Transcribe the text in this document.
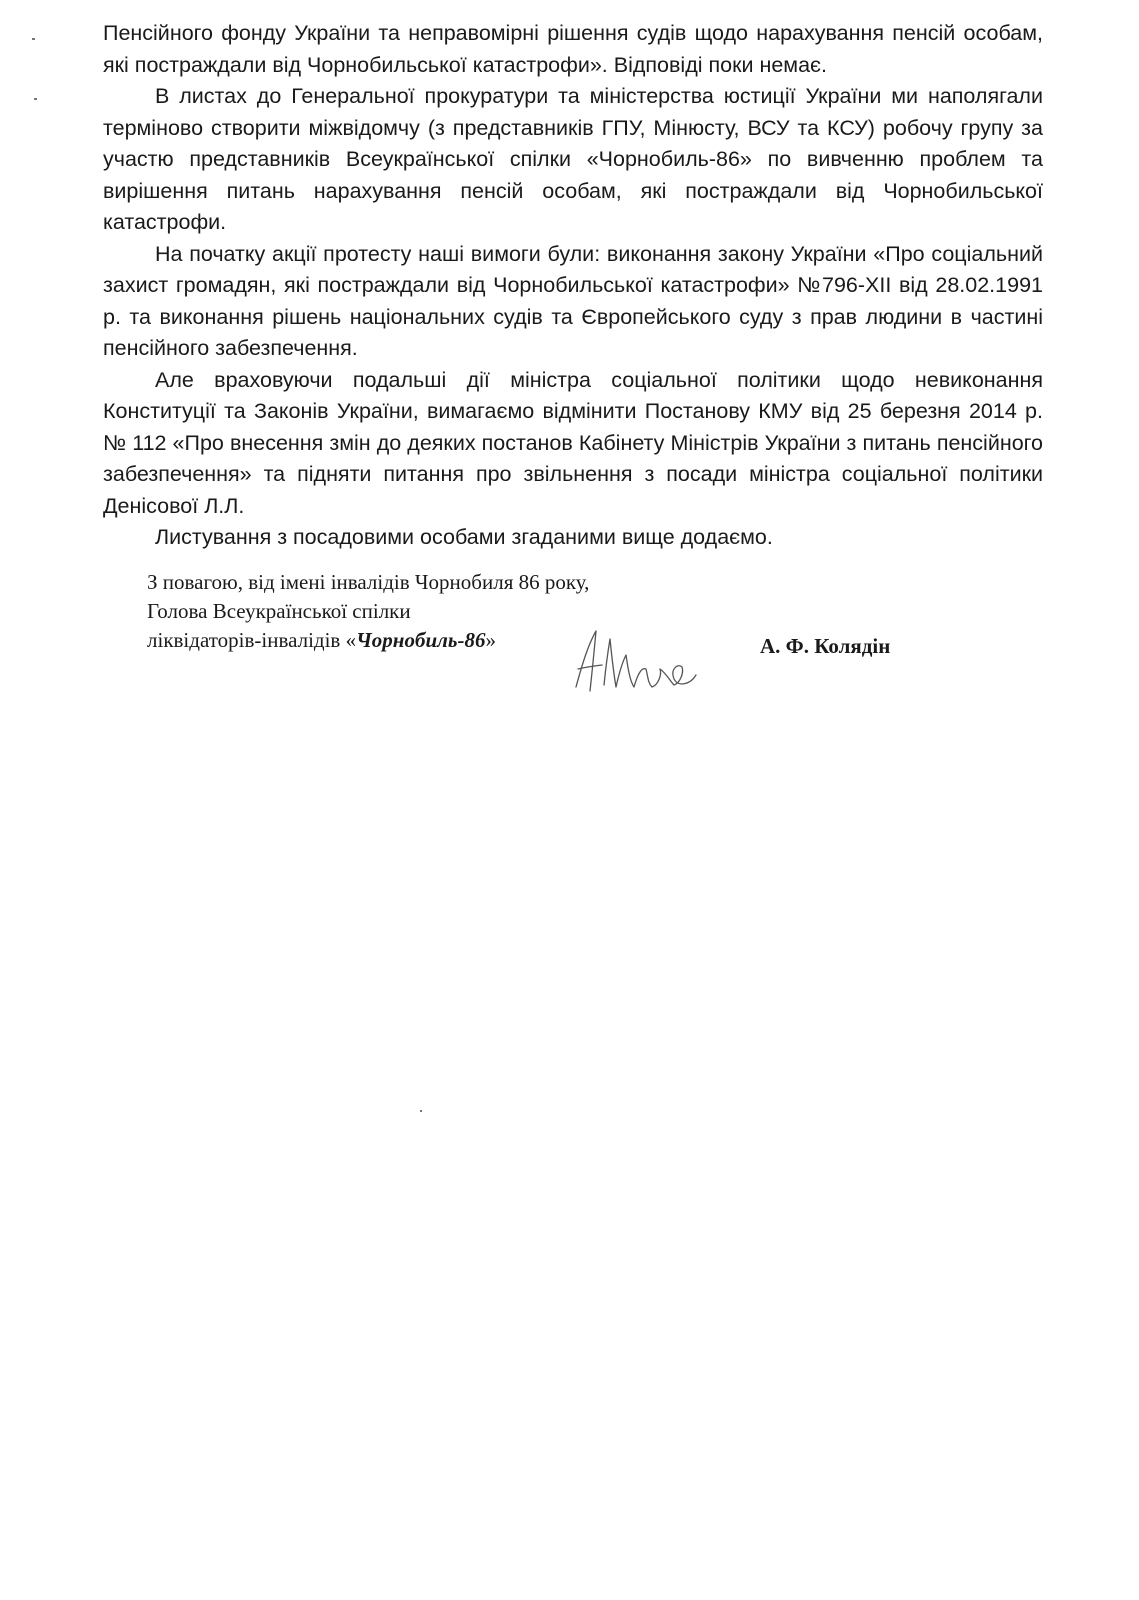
Пенсійного фонду України та неправомірні рішення судів щодо нарахування пенсій особам, які постраждали від Чорнобильської катастрофи». Відповіді поки немає.

В листах до Генеральної прокуратури та міністерства юстиції України ми наполягали терміново створити міжвідомчу (з представників ГПУ, Мінюсту, ВСУ та КСУ) робочу групу за участю представників Всеукраїнської спілки «Чорнобиль-86» по вивченню проблем та вирішення питань нарахування пенсій особам, які постраждали від Чорнобильської катастрофи.

На початку акції протесту наші вимоги були: виконання закону України «Про соціальний захист громадян, які постраждали від Чорнобильської катастрофи» №796-XII від 28.02.1991 р. та виконання рішень національних судів та Європейського суду з прав людини в частині пенсійного забезпечення.

Але враховуючи подальші дії міністра соціальної політики щодо невиконання Конституції та Законів України, вимагаємо відмінити Постанову КМУ від 25 березня 2014 р. № 112 «Про внесення змін до деяких постанов Кабінету Міністрів України з питань пенсійного забезпечення» та підняти питання про звільнення з посади міністра соціальної політики Денісової Л.Л.

Листування з посадовими особами згаданими вище додаємо.

З повагою, від імені інвалідів Чорнобиля 86 року,
Голова Всеукраїнської спілки
ліквідаторів-інвалідів «Чорнобиль-86»	А. Ф. Колядін
